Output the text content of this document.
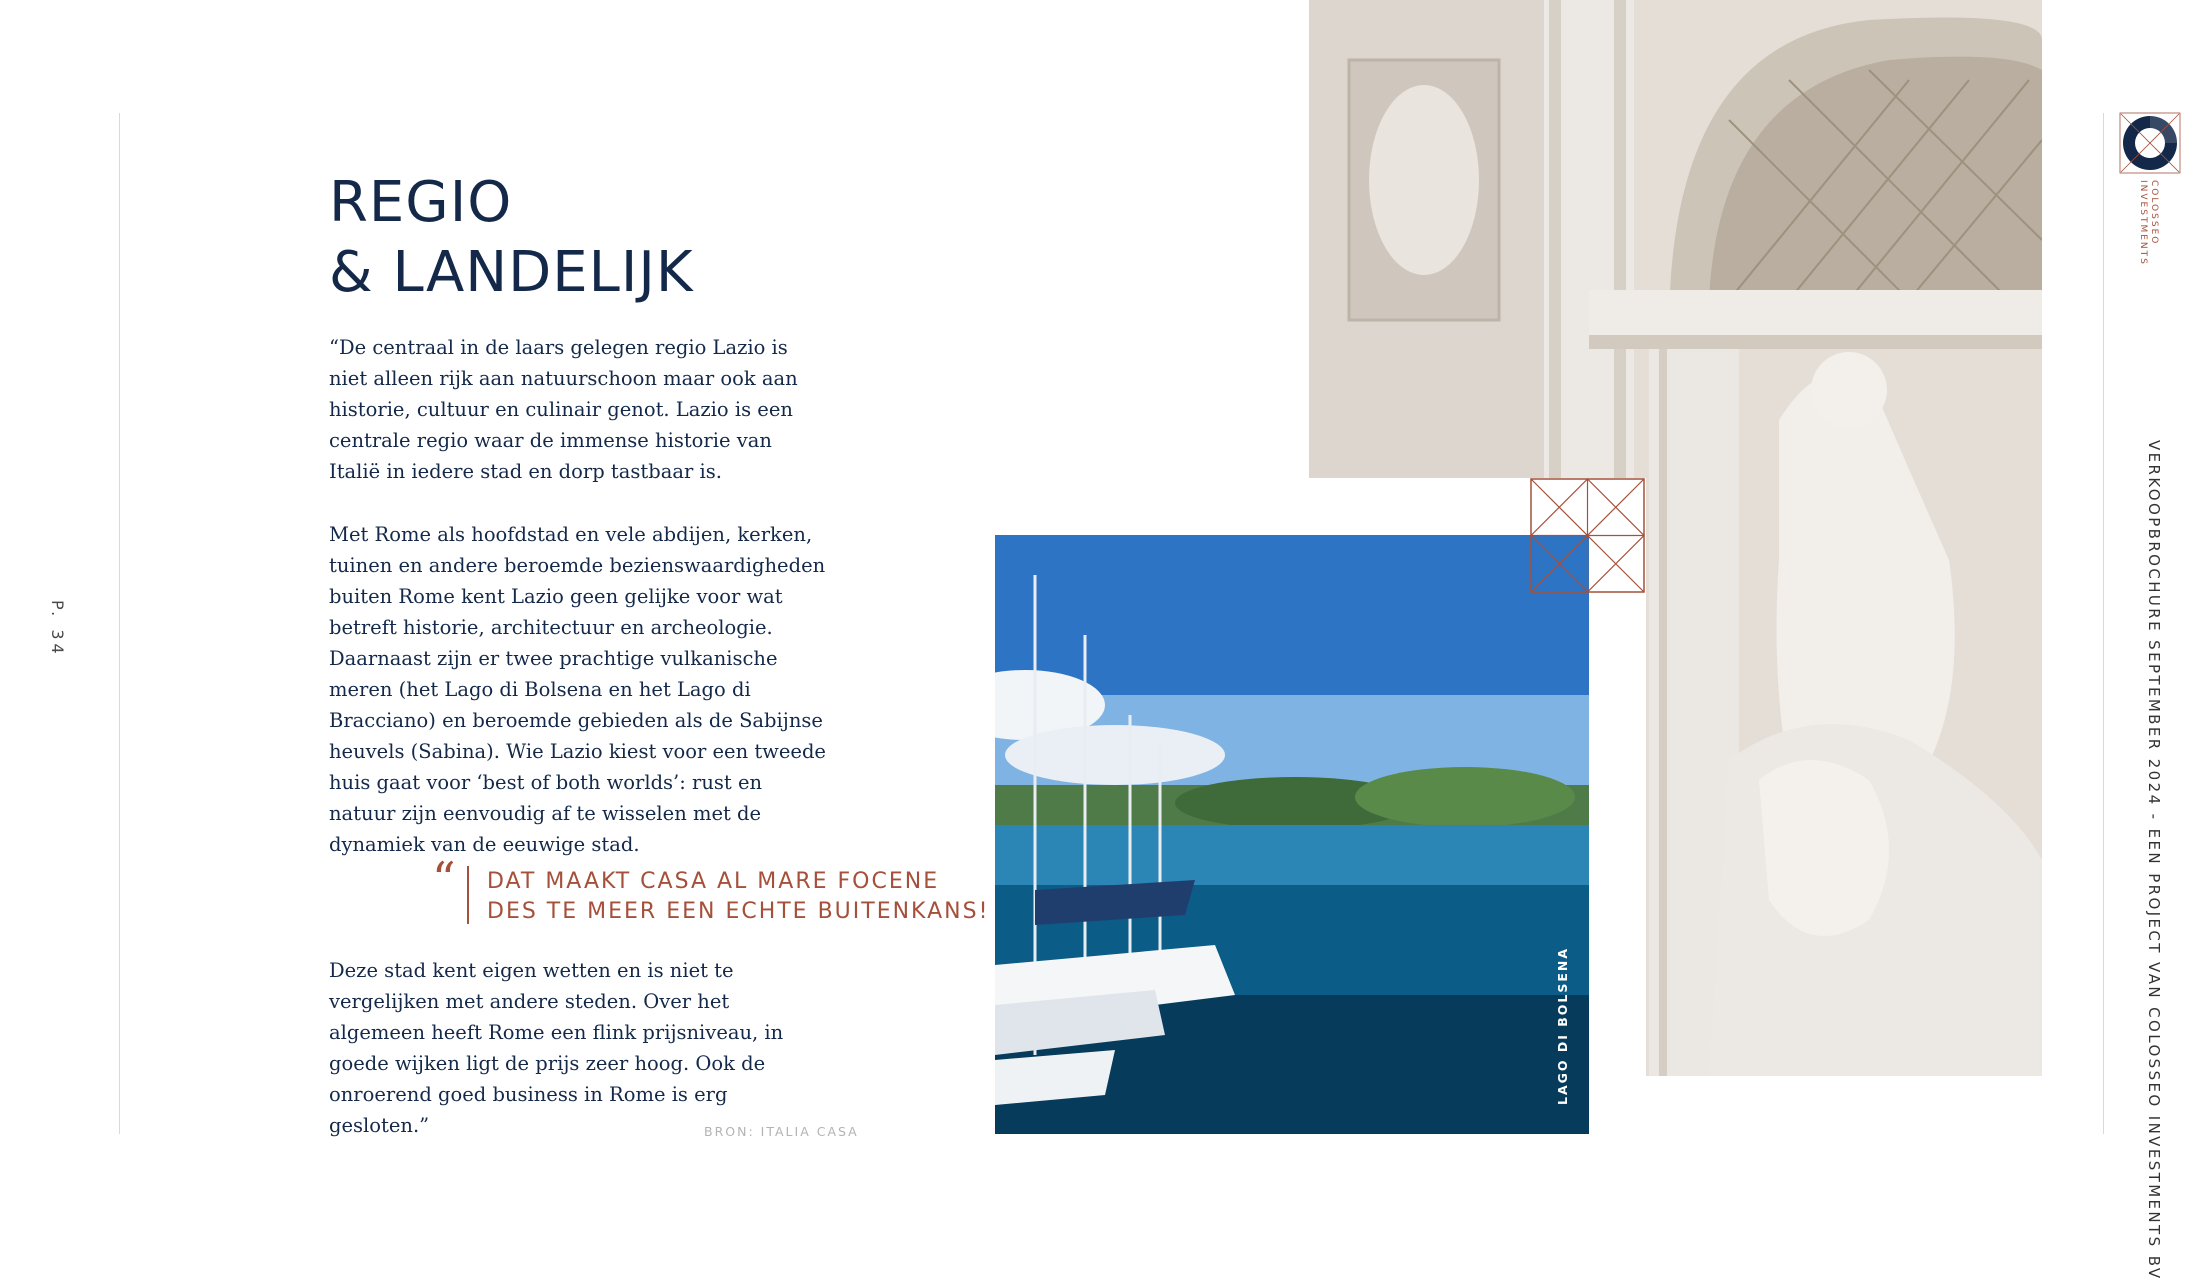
P. 34
REGIO
& LANDELIJK

“De centraal in de laars gelegen regio Lazio is niet alleen rijk aan natuurschoon maar ook aan historie, cultuur en culinair genot. Lazio is een centrale regio waar de immense historie van Italië in iedere stad en dorp tastbaar is.

Met Rome als hoofdstad en vele abdijen, kerken, tuinen en andere beroemde bezienswaardigheden buiten Rome kent Lazio geen gelijke voor wat betreft historie, architectuur en archeologie. Daarnaast zijn er twee prachtige vulkanische meren (het Lago di Bolsena en het Lago di Bracciano) en beroemde gebieden als de Sabijnse heuvels (Sabina). Wie Lazio kiest voor een tweede huis gaat voor ‘best of both worlds’: rust en natuur zijn eenvoudig af te wisselen met de dynamiek van de eeuwige stad.

“ DAT MAAKT CASA AL MARE FOCENE
DES TE MEER EEN ECHTE BUITENKANS!

Deze stad kent eigen wetten en is niet te vergelijken met andere steden. Over het algemeen heeft Rome een flink prijsniveau, in goede wijken ligt de prijs zeer hoog. Ook de onroerend goed business in Rome is erg gesloten.”	BRON: ITALIA CASA
LAGO DI BOLSENA
COLOSSEO
INVESTMENTS
VERKOOPBROCHURE SEPTEMBER 2024 - EEN PROJECT VAN COLOSSEO INVESTMENTS BV
